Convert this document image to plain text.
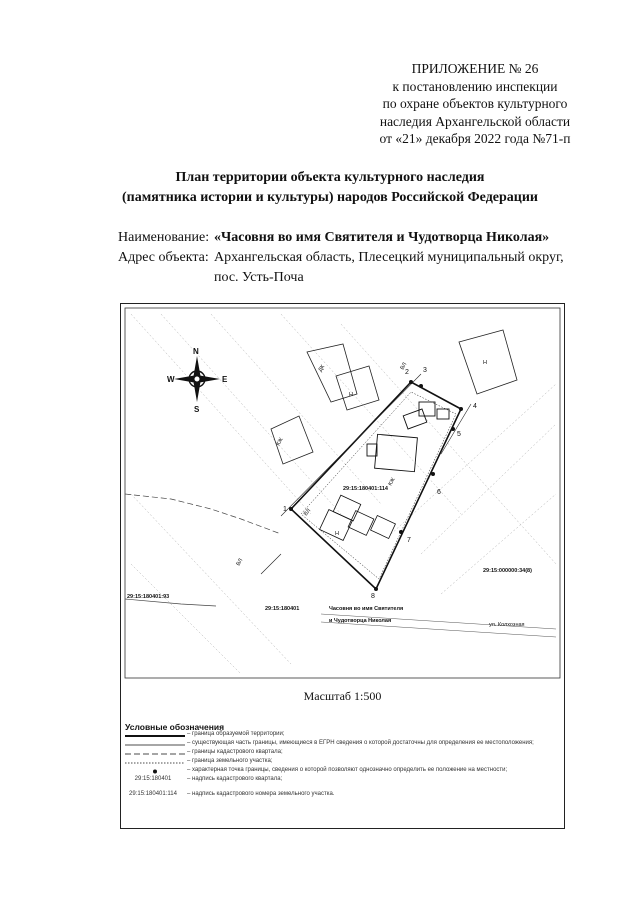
ПРИЛОЖЕНИЕ № 26
к постановлению инспекции
по охране объектов культурного
наследия Архангельской области
от «21» декабря 2022 года №71-п
План территории объекта культурного наследия
(памятника истории и культуры) народов Российской Федерации
Наименование: «Часовня во имя Святителя и Чудотворца Николая»
Адрес объекта: Архангельская область, Плесецкий муниципальный округ,
пос. Усть-Поча
1
2 3
4
5
6
7
8
Н
Н
Н
КЖ
КЖ
ДК	ВЛ
ВЛ
ВЛ
29:15:180401:114
29:15:180401:93
29:15:180401
29:15:000000:34(8)
ул. Колхозная
Часовня во имя Святителя
и Чудотворца Николая
N
S
W	E
Масштаб 1:500
Условные обозначения
– граница образуемой территории;
– существующая часть границы, имеющиеся в ЕГРН сведения о которой достаточны для определения ее местоположения;
– границы кадастрового квартала;
– граница земельного участка;
– характерная точка границы, сведения о которой позволяют однозначно определить ее положение на местности;
29:15:180401	– надпись кадастрового квартала;
29:15:180401:114	– надпись кадастрового номера земельного участка.
